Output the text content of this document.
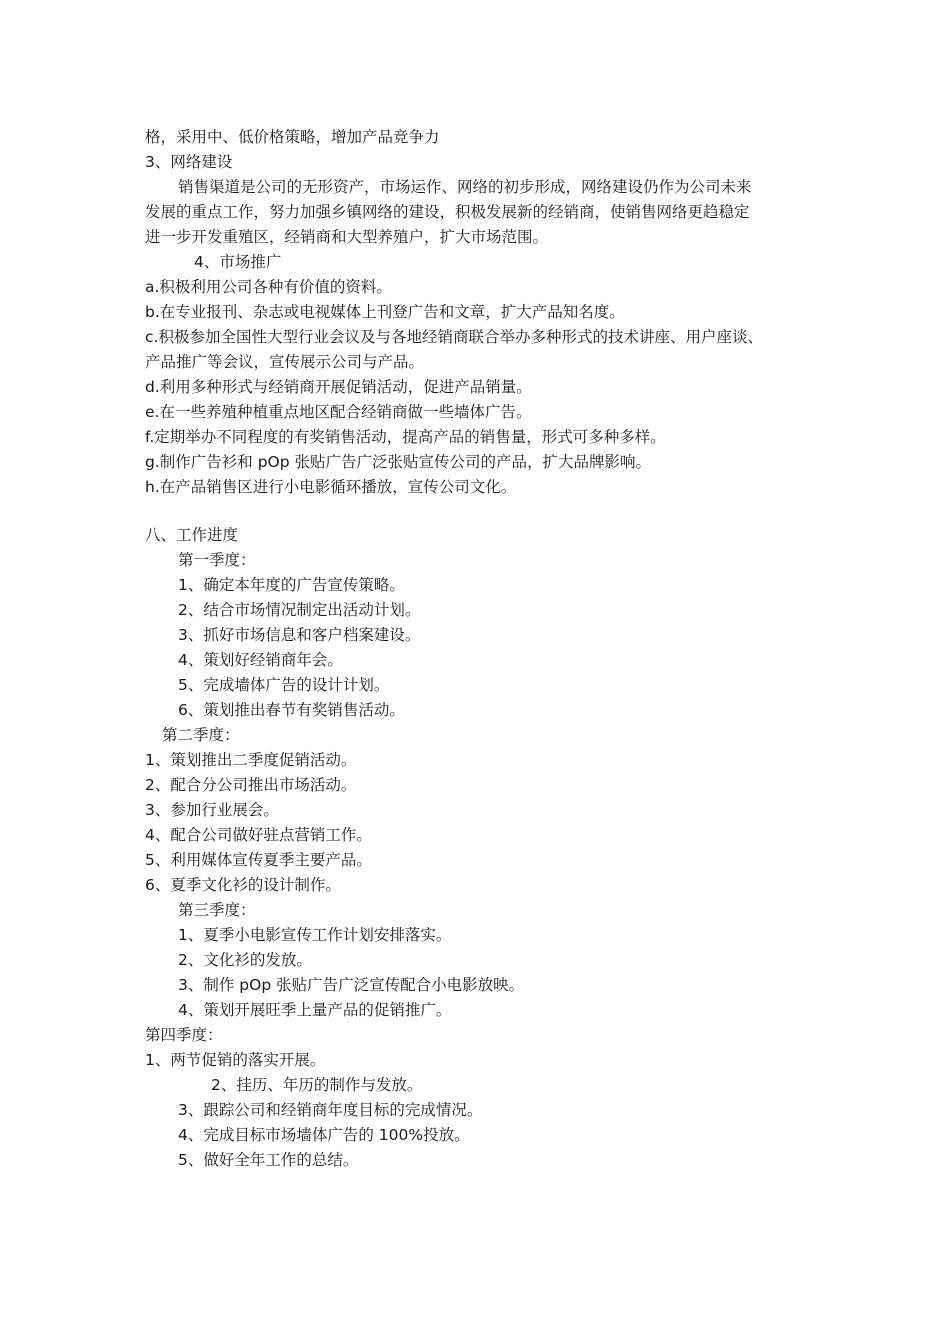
格，采用中、低价格策略，增加产品竞争力
3、网络建设
销售渠道是公司的无形资产，市场运作、网络的初步形成，网络建设仍作为公司未来
发展的重点工作，努力加强乡镇网络的建设，积极发展新的经销商，使销售网络更趋稳定
进一步开发重殖区，经销商和大型养殖户，扩大市场范围。
4、市场推广
a.积极利用公司各种有价值的资料。
b.在专业报刊、杂志或电视媒体上刊登广告和文章，扩大产品知名度。
c.积极参加全国性大型行业会议及与各地经销商联合举办多种形式的技术讲座、用户座谈、
产品推广等会议，宣传展示公司与产品。
d.利用多种形式与经销商开展促销活动，促进产品销量。
e.在一些养殖种植重点地区配合经销商做一些墙体广告。
f.定期举办不同程度的有奖销售活动，提高产品的销售量，形式可多种多样。
g.制作广告衫和 pOp 张贴广告广泛张贴宣传公司的产品，扩大品牌影响。
h.在产品销售区进行小电影循环播放，宣传公司文化。
八、工作进度
第一季度：
1、确定本年度的广告宣传策略。
2、结合市场情况制定出活动计划。
3、抓好市场信息和客户档案建设。
4、策划好经销商年会。
5、完成墙体广告的设计计划。
6、策划推出春节有奖销售活动。
第二季度：
1、策划推出二季度促销活动。
2、配合分公司推出市场活动。
3、参加行业展会。
4、配合公司做好驻点营销工作。
5、利用媒体宣传夏季主要产品。
6、夏季文化衫的设计制作。
第三季度：
1、夏季小电影宣传工作计划安排落实。
2、文化衫的发放。
3、制作 pOp 张贴广告广泛宣传配合小电影放映。
4、策划开展旺季上量产品的促销推广。
第四季度：
1、两节促销的落实开展。
2、挂历、年历的制作与发放。
3、跟踪公司和经销商年度目标的完成情况。
4、完成目标市场墙体广告的 100%投放。
5、做好全年工作的总结。
